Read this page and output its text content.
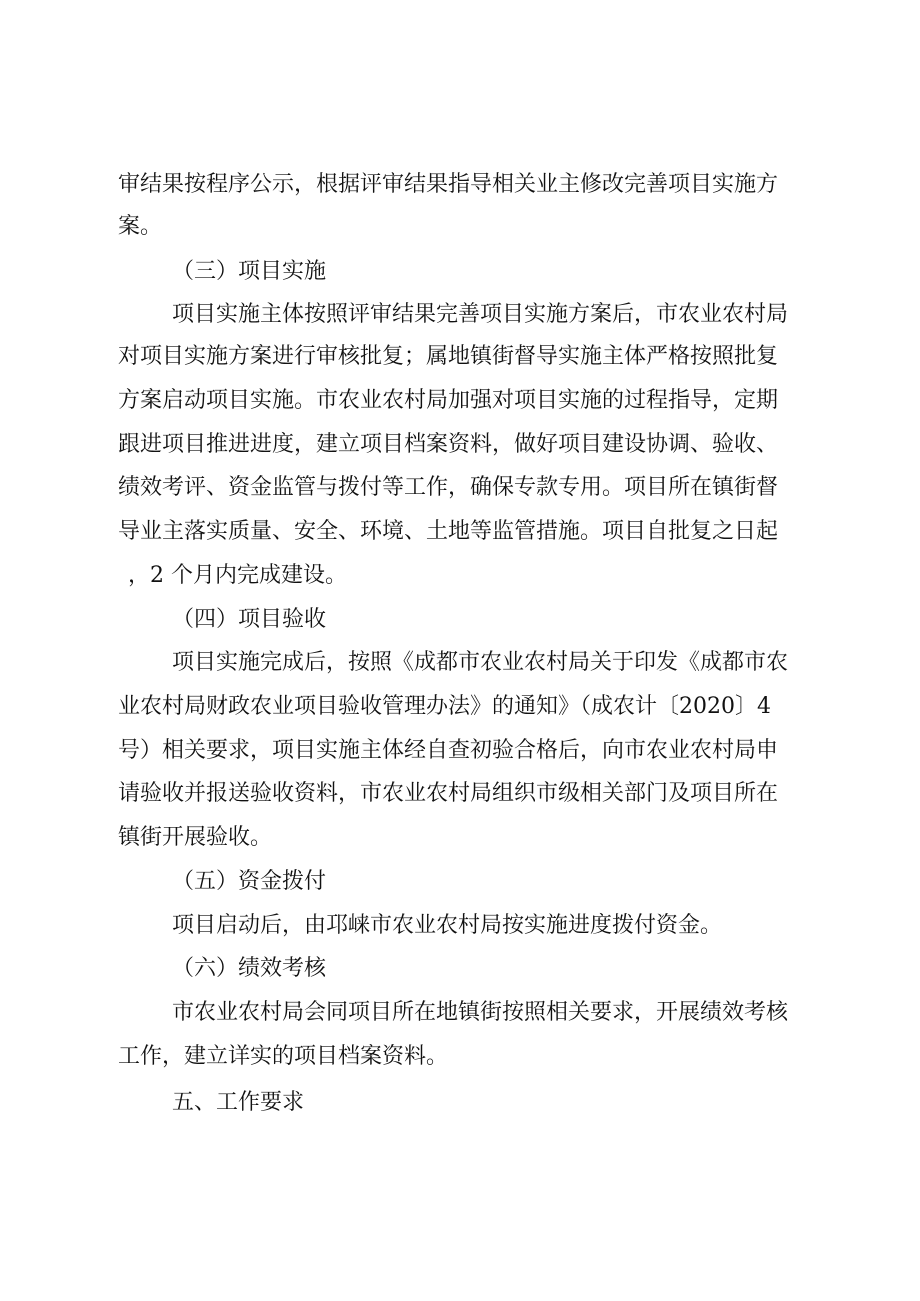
审结果按程序公示，根据评审结果指导相关业主修改完善项目实施方
案。
（三）项目实施
项目实施主体按照评审结果完善项目实施方案后，市农业农村局
对项目实施方案进行审核批复；属地镇街督导实施主体严格按照批复
方案启动项目实施。市农业农村局加强对项目实施的过程指导，定期
跟进项目推进进度，建立项目档案资料，做好项目建设协调、验收、
绩效考评、资金监管与拨付等工作，确保专款专用。项目所在镇街督
导业主落实质量、安全、环境、土地等监管措施。项目自批复之日起
，2 个月内完成建设。
（四）项目验收
项目实施完成后，按照《成都市农业农村局关于印发《成都市农
业农村局财政农业项目验收管理办法》的通知》（成农计〔2020〕4
号）相关要求，项目实施主体经自查初验合格后，向市农业农村局申
请验收并报送验收资料，市农业农村局组织市级相关部门及项目所在
镇街开展验收。
（五）资金拨付
项目启动后，由邛崃市农业农村局按实施进度拨付资金。
（六）绩效考核
市农业农村局会同项目所在地镇街按照相关要求，开展绩效考核
工作，建立详实的项目档案资料。
五、工作要求
